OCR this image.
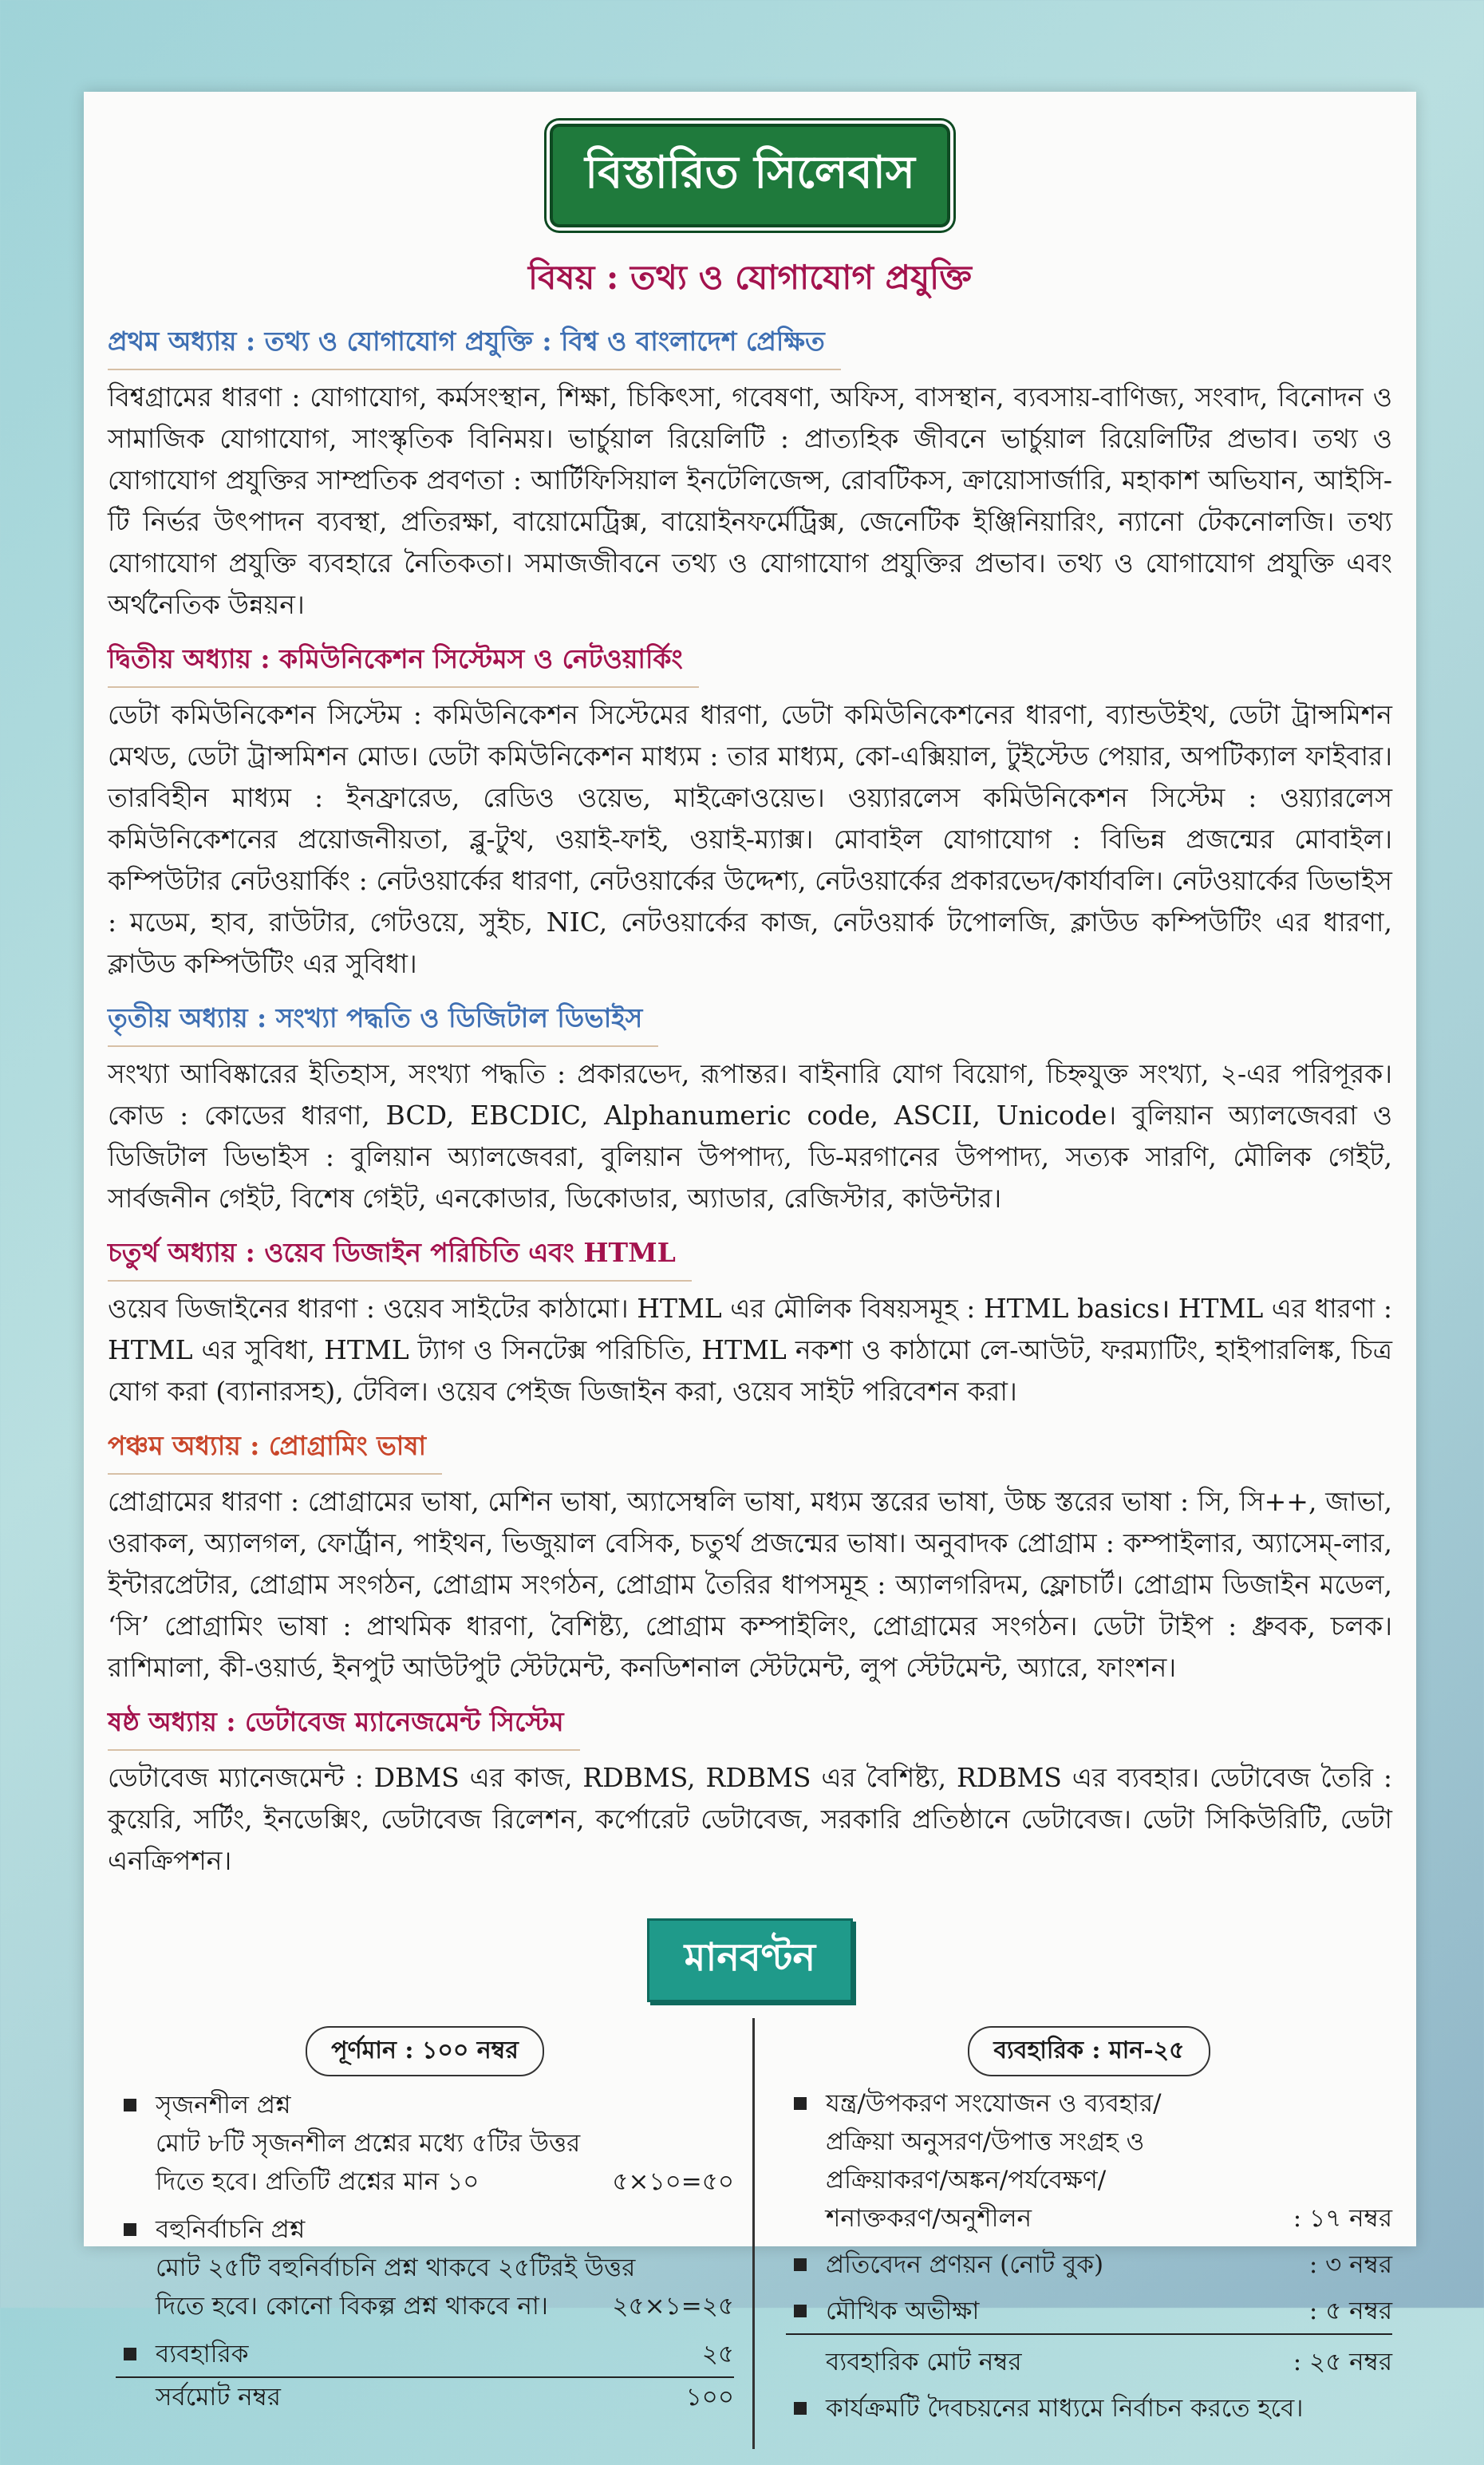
বিস্তারিত সিলেবাস
বিষয় : তথ্য ও যোগাযোগ প্রযুক্তি
প্রথম অধ্যায় : তথ্য ও যোগাযোগ প্রযুক্তি : বিশ্ব ও বাংলাদেশ প্রেক্ষিত
বিশ্বগ্রামের ধারণা : যোগাযোগ, কর্মসংস্থান, শিক্ষা, চিকিৎসা, গবেষণা, অফিস, বাসস্থান, ব্যবসায়-বাণিজ্য, সংবাদ, বিনোদন ও সামাজিক যোগাযোগ, সাংস্কৃতিক বিনিময়। ভার্চুয়াল রিয়েলিটি : প্রাত্যহিক জীবনে ভার্চুয়াল রিয়েলিটির প্রভাব। তথ্য ও যোগাযোগ প্রযুক্তির সাম্প্রতিক প্রবণতা : আর্টিফিসিয়াল ইনটেলিজেন্স, রোবটিকস, ক্রায়োসার্জারি, মহাকাশ অভিযান, আইসি-টি নির্ভর উৎপাদন ব্যবস্থা, প্রতিরক্ষা, বায়োমেট্রিক্স, বায়োইনফর্মেট্রিক্স, জেনেটিক ইঞ্জিনিয়ারিং, ন্যানো টেকনোলজি। তথ্য যোগাযোগ প্রযুক্তি ব্যবহারে নৈতিকতা। সমাজজীবনে তথ্য ও যোগাযোগ প্রযুক্তির প্রভাব। তথ্য ও যোগাযোগ প্রযুক্তি এবং অর্থনৈতিক উন্নয়ন।
দ্বিতীয় অধ্যায় : কমিউনিকেশন সিস্টেমস ও নেটওয়ার্কিং
ডেটা কমিউনিকেশন সিস্টেম : কমিউনিকেশন সিস্টেমের ধারণা, ডেটা কমিউনিকেশনের ধারণা, ব্যান্ডউইথ, ডেটা ট্রান্সমিশন মেথড, ডেটা ট্রান্সমিশন মোড। ডেটা কমিউনিকেশন মাধ্যম : তার মাধ্যম, কো-এক্সিয়াল, টুইস্টেড পেয়ার, অপটিক্যাল ফাইবার। তারবিহীন মাধ্যম : ইনফ্রারেড, রেডিও ওয়েভ, মাইক্রোওয়েভ। ওয়্যারলেস কমিউনিকেশন সিস্টেম : ওয়্যারলেস কমিউনিকেশনের প্রয়োজনীয়তা, ব্লু-টুথ, ওয়াই-ফাই, ওয়াই-ম্যাক্স। মোবাইল যোগাযোগ : বিভিন্ন প্রজন্মের মোবাইল। কম্পিউটার নেটওয়ার্কিং : নেটওয়ার্কের ধারণা, নেটওয়ার্কের উদ্দেশ্য, নেটওয়ার্কের প্রকারভেদ/কার্যাবলি। নেটওয়ার্কের ডিভাইস : মডেম, হাব, রাউটার, গেটওয়ে, সুইচ, NIC, নেটওয়ার্কের কাজ, নেটওয়ার্ক টপোলজি, ক্লাউড কম্পিউটিং এর ধারণা, ক্লাউড কম্পিউটিং এর সুবিধা।
তৃতীয় অধ্যায় : সংখ্যা পদ্ধতি ও ডিজিটাল ডিভাইস
সংখ্যা আবিষ্কারের ইতিহাস, সংখ্যা পদ্ধতি : প্রকারভেদ, রূপান্তর। বাইনারি যোগ বিয়োগ, চিহ্নযুক্ত সংখ্যা, ২-এর পরিপূরক। কোড : কোডের ধারণা, BCD, EBCDIC, Alphanumeric code, ASCII, Unicode। বুলিয়ান অ্যালজেবরা ও ডিজিটাল ডিভাইস : বুলিয়ান অ্যালজেবরা, বুলিয়ান উপপাদ্য, ডি-মরগানের উপপাদ্য, সত্যক সারণি, মৌলিক গেইট, সার্বজনীন গেইট, বিশেষ গেইট, এনকোডার, ডিকোডার, অ্যাডার, রেজিস্টার, কাউন্টার।
চতুর্থ অধ্যায় : ওয়েব ডিজাইন পরিচিতি এবং HTML
ওয়েব ডিজাইনের ধারণা : ওয়েব সাইটের কাঠামো। HTML এর মৌলিক বিষয়সমূহ : HTML basics। HTML এর ধারণা : HTML এর সুবিধা, HTML ট্যাগ ও সিনটেক্স পরিচিতি, HTML নকশা ও কাঠামো লে-আউট, ফরম্যাটিং, হাইপারলিঙ্ক, চিত্র যোগ করা (ব্যানারসহ), টেবিল। ওয়েব পেইজ ডিজাইন করা, ওয়েব সাইট পরিবেশন করা।
পঞ্চম অধ্যায় : প্রোগ্রামিং ভাষা
প্রোগ্রামের ধারণা : প্রোগ্রামের ভাষা, মেশিন ভাষা, অ্যাসেম্বলি ভাষা, মধ্যম স্তরের ভাষা, উচ্চ স্তরের ভাষা : সি, সি++, জাভা, ওরাকল, অ্যালগল, ফোর্ট্রান, পাইথন, ভিজুয়াল বেসিক, চতুর্থ প্রজন্মের ভাষা। অনুবাদক প্রোগ্রাম : কম্পাইলার, অ্যাসেম্-লার, ইন্টারপ্রেটার, প্রোগ্রাম সংগঠন, প্রোগ্রাম সংগঠন, প্রোগ্রাম তৈরির ধাপসমূহ : অ্যালগরিদম, ফ্লোচার্ট। প্রোগ্রাম ডিজাইন মডেল, ‘সি’ প্রোগ্রামিং ভাষা : প্রাথমিক ধারণা, বৈশিষ্ট্য, প্রোগ্রাম কম্পাইলিং, প্রোগ্রামের সংগঠন। ডেটা টাইপ : ধ্রুবক, চলক। রাশিমালা, কী-ওয়ার্ড, ইনপুট আউটপুট স্টেটমেন্ট, কনডিশনাল স্টেটমেন্ট, লুপ স্টেটমেন্ট, অ্যারে, ফাংশন।
ষষ্ঠ অধ্যায় : ডেটাবেজ ম্যানেজমেন্ট সিস্টেম
ডেটাবেজ ম্যানেজমেন্ট : DBMS এর কাজ, RDBMS, RDBMS এর বৈশিষ্ট্য, RDBMS এর ব্যবহার। ডেটাবেজ তৈরি : কুয়েরি, সর্টিং, ইনডেক্সিং, ডেটাবেজ রিলেশন, কর্পোরেট ডেটাবেজ, সরকারি প্রতিষ্ঠানে ডেটাবেজ। ডেটা সিকিউরিটি, ডেটা এনক্রিপশন।
মানবণ্টন
পূর্ণমান : ১০০ নম্বর
সৃজনশীল প্রশ্ন
মোট ৮টি সৃজনশীল প্রশ্নের মধ্যে ৫টির উত্তর
দিতে হবে। প্রতিটি প্রশ্নের মান ১০	৫×১০=৫০
বহুনির্বাচনি প্রশ্ন
মোট ২৫টি বহুনির্বাচনি প্রশ্ন থাকবে ২৫টিরই উত্তর
দিতে হবে। কোনো বিকল্প প্রশ্ন থাকবে না।	২৫×১=২৫
ব্যবহারিক	২৫
সর্বমোট নম্বর	১০০
ব্যবহারিক : মান-২৫
যন্ত্র/উপকরণ সংযোজন ও ব্যবহার/
প্রক্রিয়া অনুসরণ/উপাত্ত সংগ্রহ ও
প্রক্রিয়াকরণ/অঙ্কন/পর্যবেক্ষণ/
শনাক্তকরণ/অনুশীলন	: ১৭ নম্বর
প্রতিবেদন প্রণয়ন (নোট বুক)	: ৩ নম্বর
মৌখিক অভীক্ষা	: ৫ নম্বর
ব্যবহারিক মোট নম্বর	: ২৫ নম্বর
কার্যক্রমটি দৈবচয়নের মাধ্যমে নির্বাচন করতে হবে।
